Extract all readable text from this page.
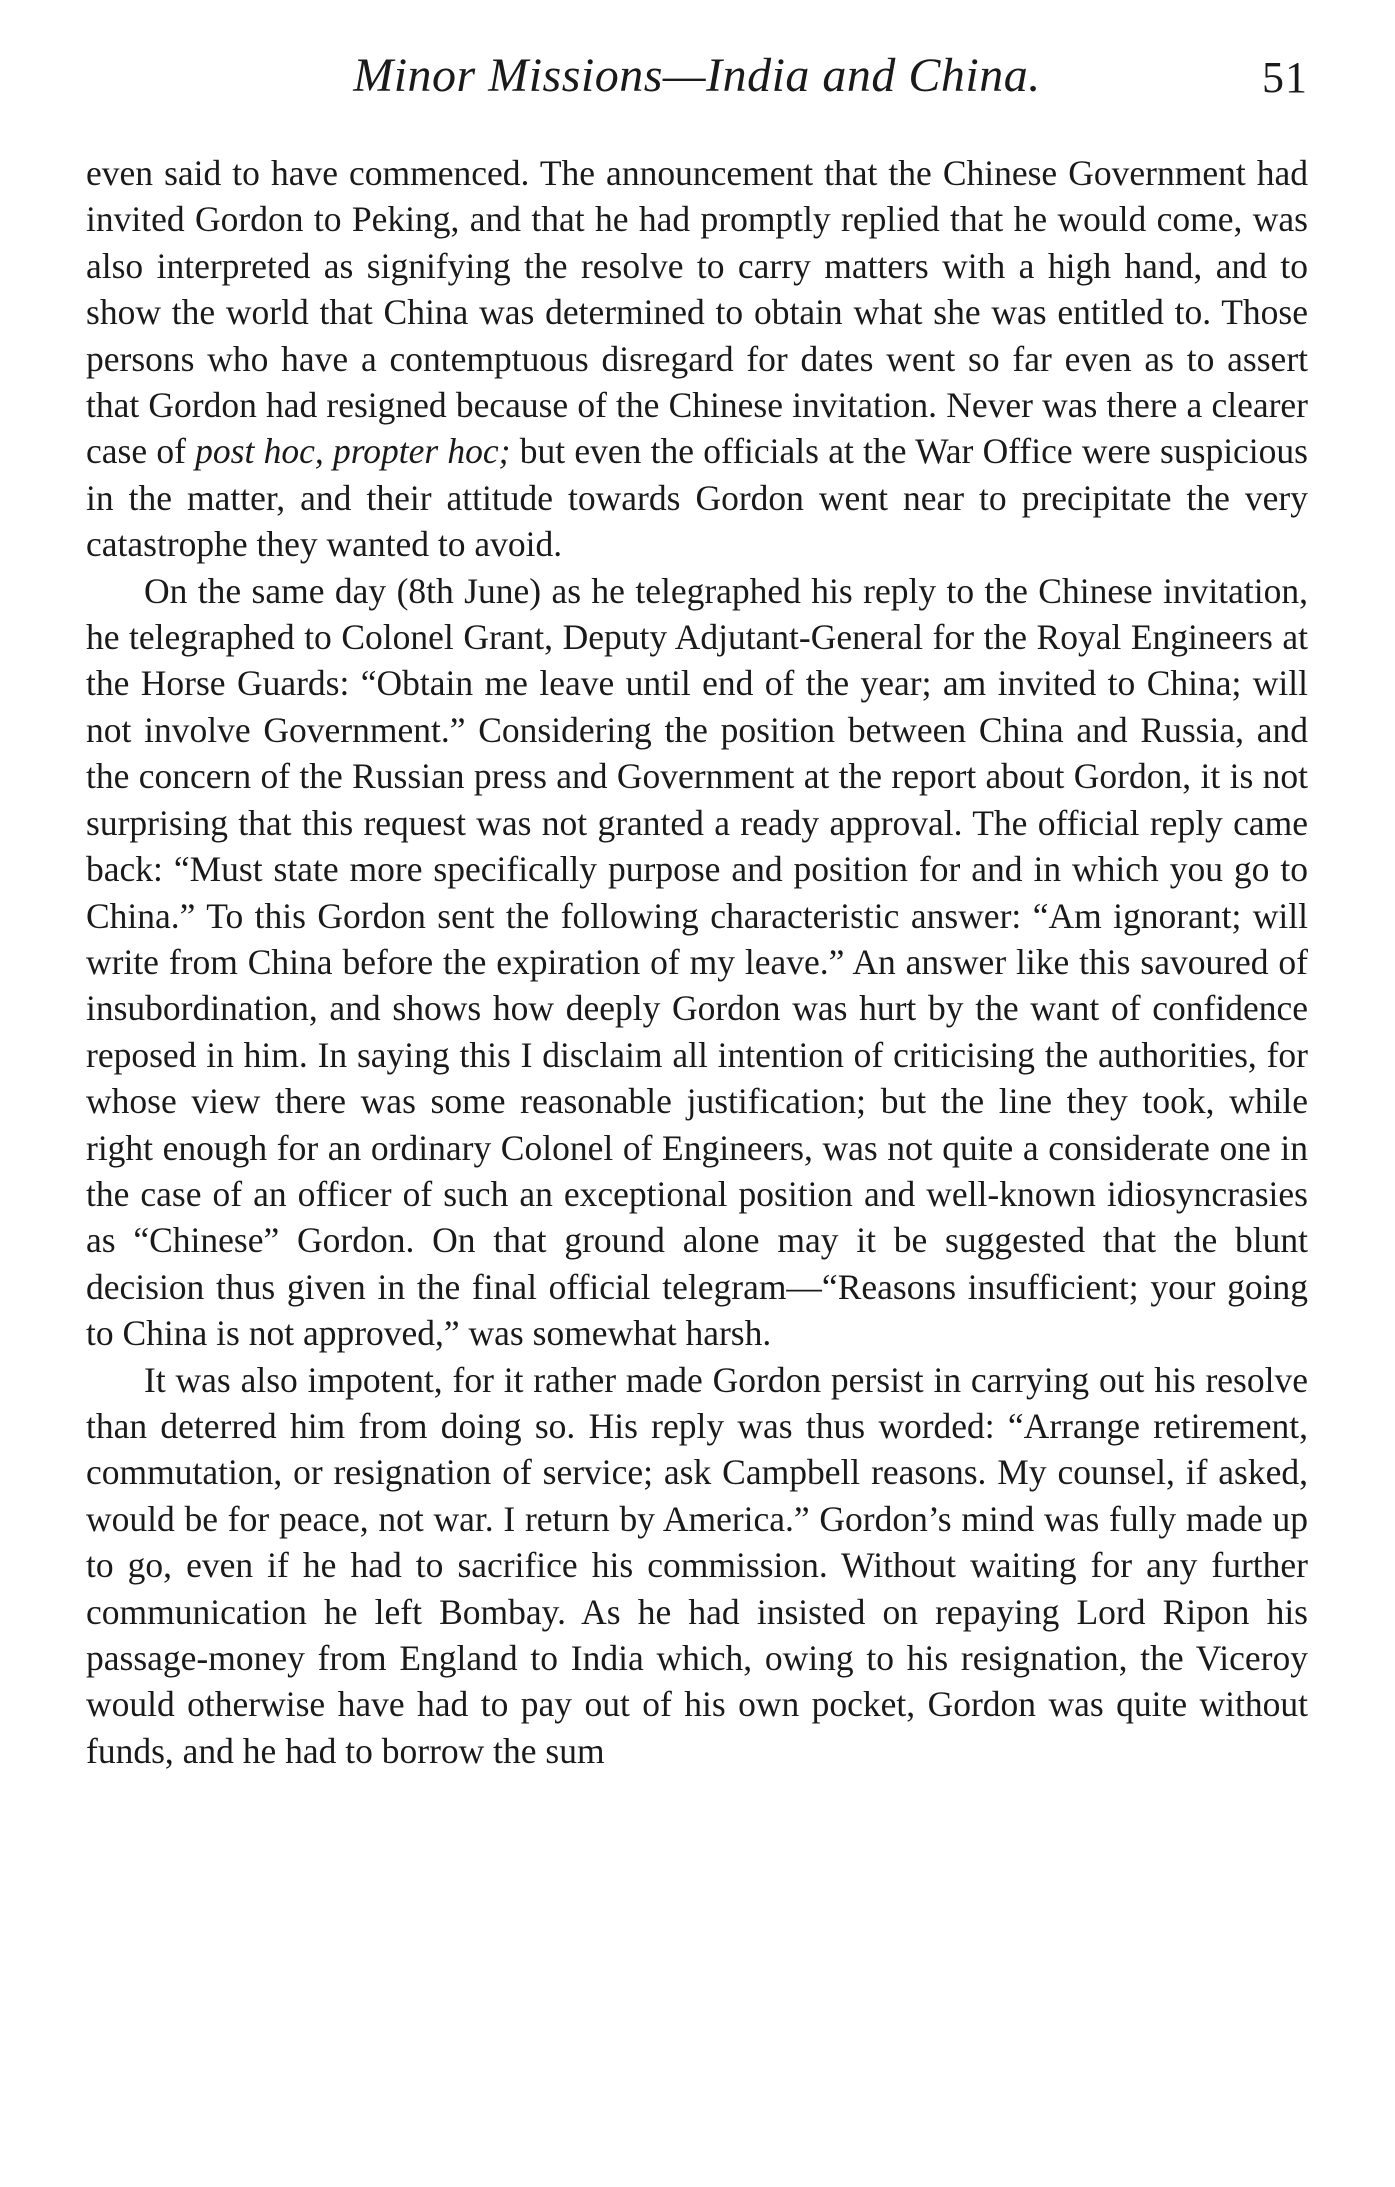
Minor Missions—India and China.	51

even said to have commenced. The announcement that the Chinese Government had invited Gordon to Peking, and that he had promptly replied that he would come, was also interpreted as signifying the resolve to carry matters with a high hand, and to show the world that China was determined to obtain what she was entitled to. Those persons who have a contemptuous disregard for dates went so far even as to assert that Gordon had resigned because of the Chinese invitation. Never was there a clearer case of post hoc, propter hoc; but even the officials at the War Office were suspicious in the matter, and their attitude towards Gordon went near to precipitate the very catastrophe they wanted to avoid.

On the same day (8th June) as he telegraphed his reply to the Chinese invitation, he telegraphed to Colonel Grant, Deputy Adjutant-General for the Royal Engineers at the Horse Guards: “Obtain me leave until end of the year; am invited to China; will not involve Government.” Considering the position between China and Russia, and the concern of the Russian press and Government at the report about Gordon, it is not surprising that this request was not granted a ready approval. The official reply came back: “Must state more specifically purpose and position for and in which you go to China.” To this Gordon sent the following characteristic answer: “Am ignorant; will write from China before the expiration of my leave.” An answer like this savoured of insubordination, and shows how deeply Gordon was hurt by the want of confidence reposed in him. In saying this I disclaim all intention of criticising the authorities, for whose view there was some reasonable justification; but the line they took, while right enough for an ordinary Colonel of Engineers, was not quite a considerate one in the case of an officer of such an exceptional position and well-known idiosyncrasies as “Chinese” Gordon. On that ground alone may it be suggested that the blunt decision thus given in the final official telegram—“Reasons insufficient; your going to China is not approved,” was somewhat harsh.

It was also impotent, for it rather made Gordon persist in carrying out his resolve than deterred him from doing so. His reply was thus worded: “Arrange retirement, commutation, or resignation of service; ask Campbell reasons. My counsel, if asked, would be for peace, not war. I return by America.” Gordon’s mind was fully made up to go, even if he had to sacrifice his commission. Without waiting for any further communication he left Bombay. As he had insisted on repaying Lord Ripon his passage-money from England to India which, owing to his resignation, the Viceroy would otherwise have had to pay out of his own pocket, Gordon was quite without funds, and he had to borrow the sum
